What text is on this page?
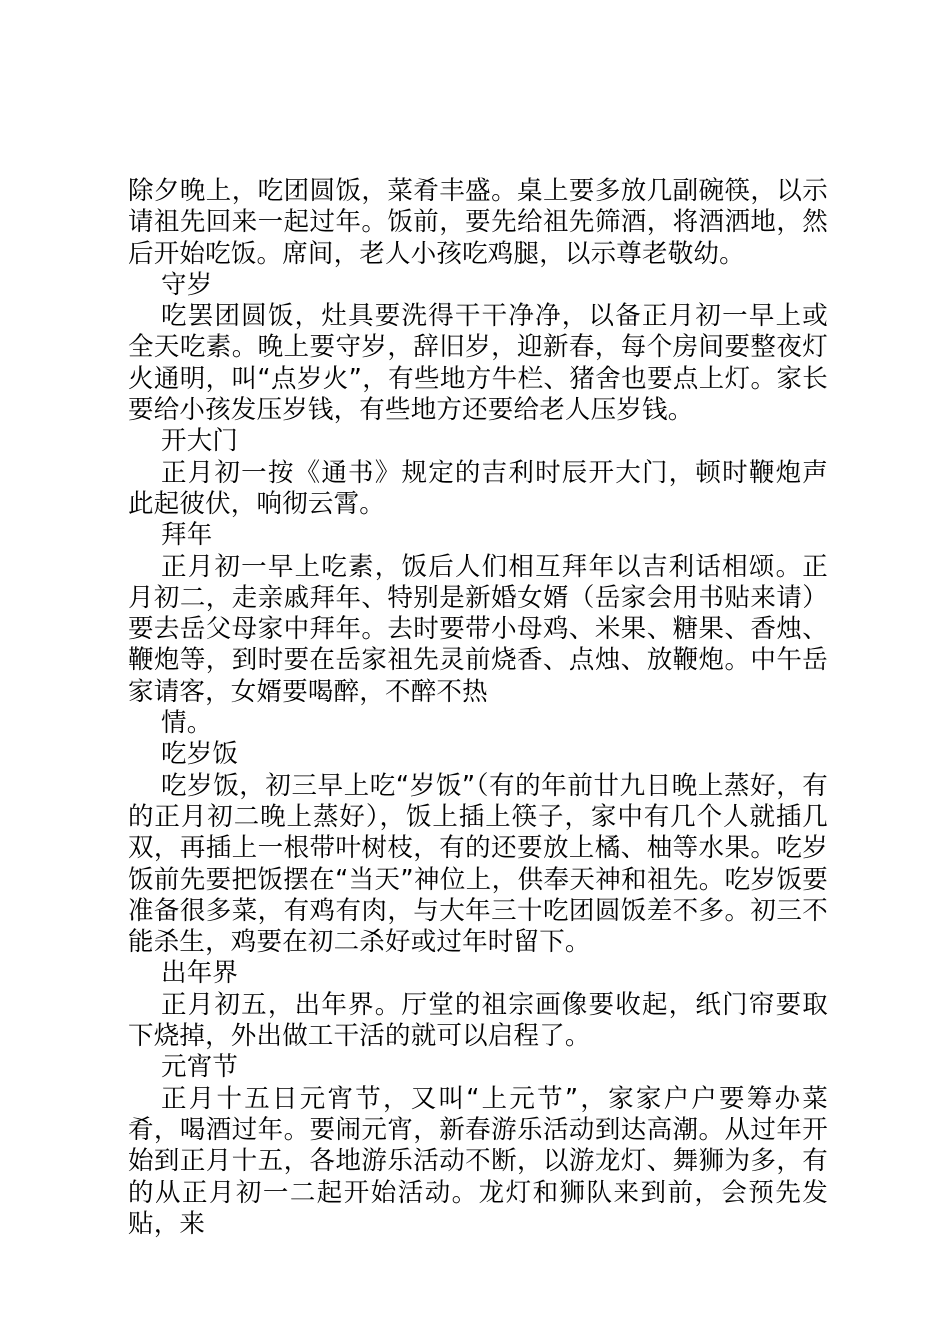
除夕晚上，吃团圆饭，菜肴丰盛。桌上要多放几副碗筷，以示请祖先回来一起过年。饭前，要先给祖先筛酒，将酒洒地，然后开始吃饭。席间，老人小孩吃鸡腿，以示尊老敬幼。

守岁

吃罢团圆饭，灶具要洗得干干净净，以备正月初一早上或全天吃素。晚上要守岁，辞旧岁，迎新春，每个房间要整夜灯火通明，叫“点岁火”，有些地方牛栏、猪舍也要点上灯。家长要给小孩发压岁钱，有些地方还要给老人压岁钱。

开大门

正月初一按《通书》规定的吉利时辰开大门，顿时鞭炮声此起彼伏，响彻云霄。

拜年

正月初一早上吃素，饭后人们相互拜年以吉利话相颂。正月初二，走亲戚拜年、特别是新婚女婿（岳家会用书贴来请）要去岳父母家中拜年。去时要带小母鸡、米果、糖果、香烛、鞭炮等，到时要在岳家祖先灵前烧香、点烛、放鞭炮。中午岳家请客，女婿要喝醉，不醉不热

情。

吃岁饭

吃岁饭，初三早上吃“岁饭”（有的年前廿九日晚上蒸好，有的正月初二晚上蒸好），饭上插上筷子，家中有几个人就插几双，再插上一根带叶树枝，有的还要放上橘、柚等水果。吃岁饭前先要把饭摆在“当天”神位上，供奉天神和祖先。吃岁饭要准备很多菜，有鸡有肉，与大年三十吃团圆饭差不多。初三不能杀生，鸡要在初二杀好或过年时留下。

出年界

正月初五，出年界。厅堂的祖宗画像要收起，纸门帘要取下烧掉，外出做工干活的就可以启程了。

元宵节

正月十五日元宵节，又叫“上元节”，家家户户要筹办菜肴，喝酒过年。要闹元宵，新春游乐活动到达高潮。从过年开始到正月十五，各地游乐活动不断，以游龙灯、舞狮为多，有的从正月初一二起开始活动。龙灯和狮队来到前，会预先发贴，来
